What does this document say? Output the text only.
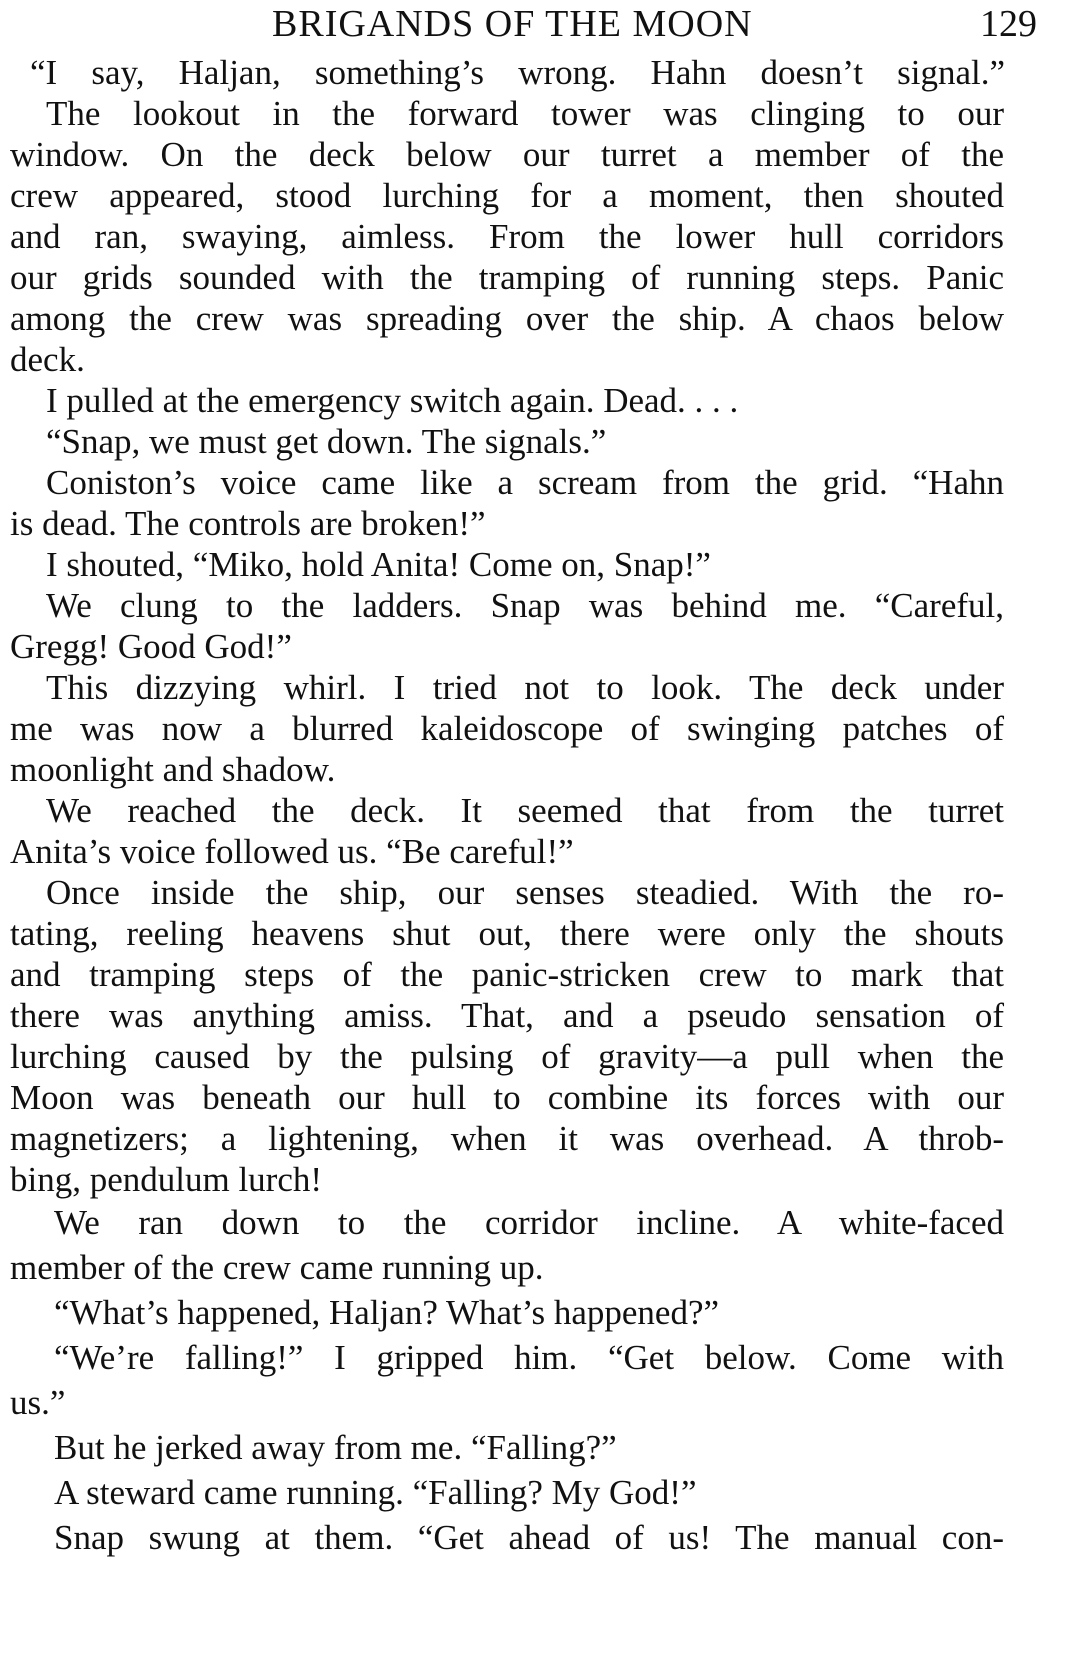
BRIGANDS OF THE MOON	129
“I say, Haljan, something’s wrong. Hahn doesn’t signal.”
The lookout in the forward tower was clinging to our
window. On the deck below our turret a member of the
crew appeared, stood lurching for a moment, then shouted
and ran, swaying, aimless. From the lower hull corridors
our grids sounded with the tramping of running steps. Panic
among the crew was spreading over the ship. A chaos below
deck.
I pulled at the emergency switch again. Dead. . . .
“Snap, we must get down. The signals.”
Coniston’s voice came like a scream from the grid. “Hahn
is dead. The controls are broken!”
I shouted, “Miko, hold Anita! Come on, Snap!”
We clung to the ladders. Snap was behind me. “Careful,
Gregg! Good God!”
This dizzying whirl. I tried not to look. The deck under
me was now a blurred kaleidoscope of swinging patches of
moonlight and shadow.
We reached the deck. It seemed that from the turret
Anita’s voice followed us. “Be careful!”
Once inside the ship, our senses steadied. With the ro-
tating, reeling heavens shut out, there were only the shouts
and tramping steps of the panic-stricken crew to mark that
there was anything amiss. That, and a pseudo sensation of
lurching caused by the pulsing of gravity—a pull when the
Moon was beneath our hull to combine its forces with our
magnetizers; a lightening, when it was overhead. A throb-
bing, pendulum lurch!
We ran down to the corridor incline. A white-faced
member of the crew came running up.
“What’s happened, Haljan? What’s happened?”
“We’re falling!” I gripped him. “Get below. Come with
us.”
But he jerked away from me. “Falling?”
A steward came running. “Falling? My God!”
Snap swung at them. “Get ahead of us! The manual con-
